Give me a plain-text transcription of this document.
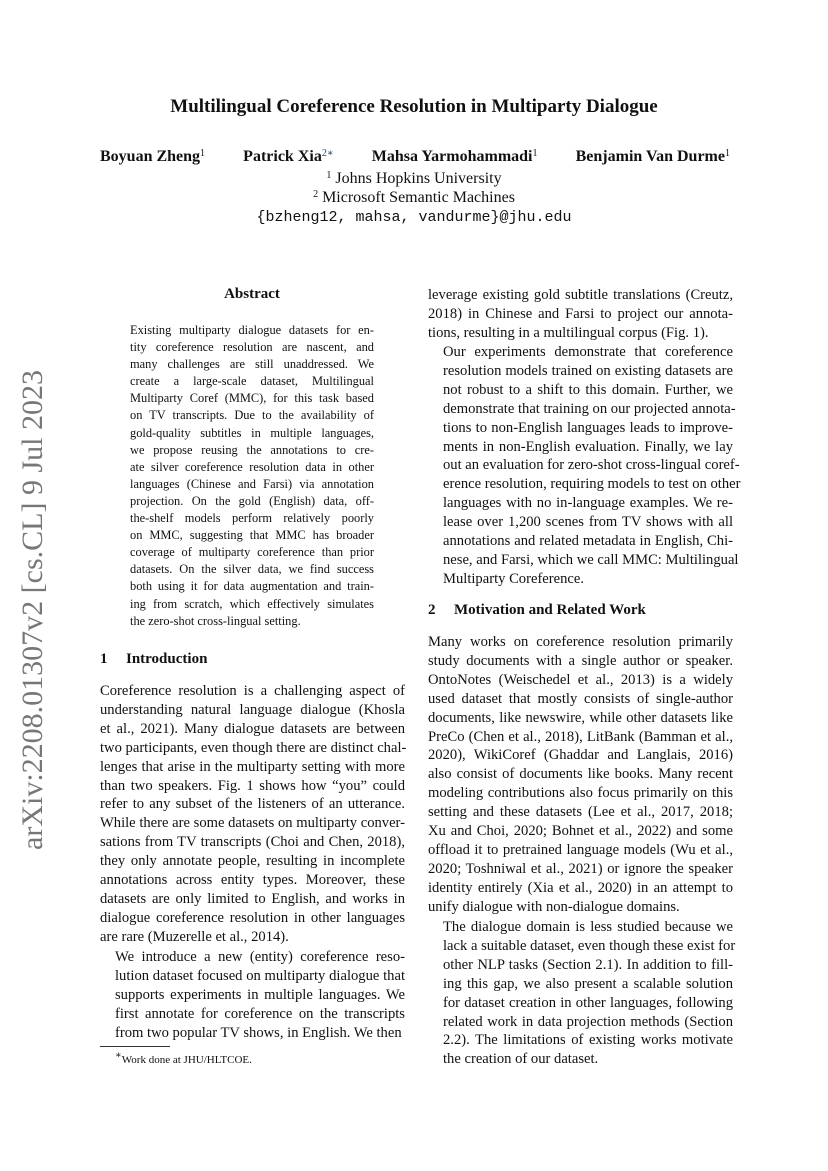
arXiv:2208.01307v2 [cs.CL] 9 Jul 2023
Multilingual Coreference Resolution in Multiparty Dialogue
Boyuan Zheng$^1$ Patrick Xia$^{2∗}$ Mahsa Yarmohammadi$^1$ Benjamin Van Durme$^1$
$^1$ Johns Hopkins University
$^2$ Microsoft Semantic Machines
{bzheng12, mahsa, vandurme}@jhu.edu
Abstract
Existing multiparty dialogue datasets for en-
tity coreference resolution are nascent, and
many challenges are still unaddressed. We
create a large-scale dataset, Multilingual
Multiparty Coref (MMC), for this task based
on TV transcripts. Due to the availability of
gold-quality subtitles in multiple languages,
we propose reusing the annotations to cre-
ate silver coreference resolution data in other
languages (Chinese and Farsi) via annotation
projection. On the gold (English) data, off-
the-shelf models perform relatively poorly
on MMC, suggesting that MMC has broader
coverage of multiparty coreference than prior
datasets. On the silver data, we find success
both using it for data augmentation and train-
ing from scratch, which effectively simulates
the zero-shot cross-lingual setting.
1 Introduction
Coreference resolution is a challenging aspect of
understanding natural language dialogue (Khosla
et al., 2021). Many dialogue datasets are between
two participants, even though there are distinct chal-
lenges that arise in the multiparty setting with more
than two speakers. Fig. 1 shows how “you” could
refer to any subset of the listeners of an utterance.
While there are some datasets on multiparty conver-
sations from TV transcripts (Choi and Chen, 2018),
they only annotate people, resulting in incomplete
annotations across entity types. Moreover, these
datasets are only limited to English, and works in
dialogue coreference resolution in other languages
are rare (Muzerelle et al., 2014).
We introduce a new (entity) coreference reso-
lution dataset focused on multiparty dialogue that
supports experiments in multiple languages. We
first annotate for coreference on the transcripts
from two popular TV shows, in English. We then
leverage existing gold subtitle translations (Creutz,
2018) in Chinese and Farsi to project our annota-
tions, resulting in a multilingual corpus (Fig. 1).
Our experiments demonstrate that coreference
resolution models trained on existing datasets are
not robust to a shift to this domain. Further, we
demonstrate that training on our projected annota-
tions to non-English languages leads to improve-
ments in non-English evaluation. Finally, we lay
out an evaluation for zero-shot cross-lingual coref-
erence resolution, requiring models to test on other
languages with no in-language examples. We re-
lease over 1,200 scenes from TV shows with all
annotations and related metadata in English, Chi-
nese, and Farsi, which we call MMC: Multilingual
Multiparty Coreference.
2 Motivation and Related Work
Many works on coreference resolution primarily
study documents with a single author or speaker.
OntoNotes (Weischedel et al., 2013) is a widely
used dataset that mostly consists of single-author
documents, like newswire, while other datasets like
PreCo (Chen et al., 2018), LitBank (Bamman et al.,
2020), WikiCoref (Ghaddar and Langlais, 2016)
also consist of documents like books. Many recent
modeling contributions also focus primarily on this
setting and these datasets (Lee et al., 2017, 2018;
Xu and Choi, 2020; Bohnet et al., 2022) and some
offload it to pretrained language models (Wu et al.,
2020; Toshniwal et al., 2021) or ignore the speaker
identity entirely (Xia et al., 2020) in an attempt to
unify dialogue with non-dialogue domains.
The dialogue domain is less studied because we
lack a suitable dataset, even though these exist for
other NLP tasks (Section 2.1). In addition to fill-
ing this gap, we also present a scalable solution
for dataset creation in other languages, following
related work in data projection methods (Section
2.2). The limitations of existing works motivate
the creation of our dataset.
∗Work done at JHU/HLTCOE.
